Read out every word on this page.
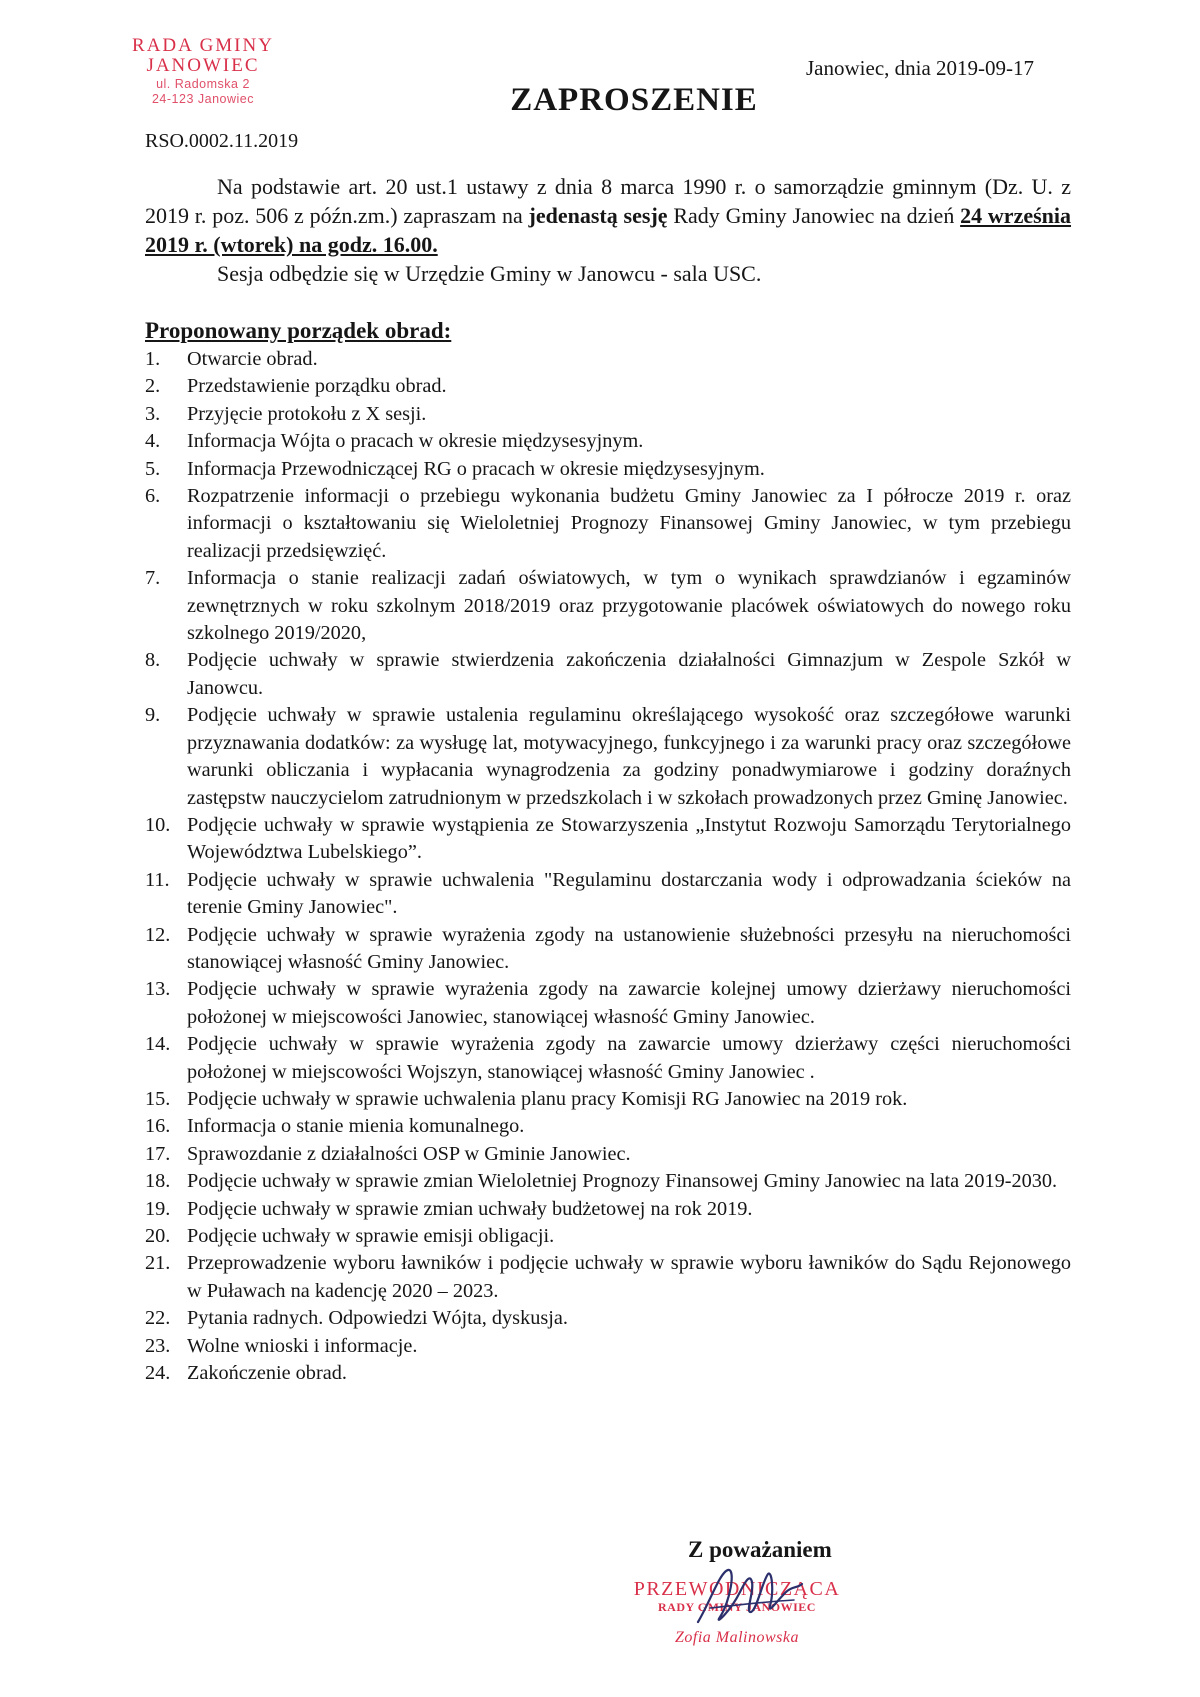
RADA GMINY
JANOWIEC
ul. Radomska 2
24-123 Janowiec
Janowiec, dnia 2019-09-17
ZAPROSZENIE
RSO.0002.11.2019

Na podstawie art. 20 ust.1 ustawy z dnia 8 marca 1990 r. o samorządzie gminnym (Dz. U. z 2019 r. poz. 506 z późn.zm.) zapraszam na jedenastą sesję Rady Gminy Janowiec na dzień 24 września 2019 r. (wtorek) na godz. 16.00.

Sesja odbędzie się w Urzędzie Gminy w Janowcu - sala USC.

Proponowany porządek obrad:
1.	Otwarcie obrad.
2.	Przedstawienie porządku obrad.
3.	Przyjęcie protokołu z X sesji.
4.	Informacja Wójta o pracach w okresie międzysesyjnym.
5.	Informacja Przewodniczącej RG o pracach w okresie międzysesyjnym.
6.	Rozpatrzenie informacji o przebiegu wykonania budżetu Gminy Janowiec za I półrocze 2019 r. oraz informacji o kształtowaniu się Wieloletniej Prognozy Finansowej Gminy Janowiec, w tym przebiegu realizacji przedsięwzięć.
7.	Informacja o stanie realizacji zadań oświatowych, w tym o wynikach sprawdzianów i egzaminów zewnętrznych w roku szkolnym 2018/2019 oraz przygotowanie placówek oświatowych do nowego roku szkolnego 2019/2020,
8.	Podjęcie uchwały w sprawie stwierdzenia zakończenia działalności Gimnazjum w Zespole Szkół w Janowcu.
9.	Podjęcie uchwały w sprawie ustalenia regulaminu określającego wysokość oraz szczegółowe warunki przyznawania dodatków: za wysługę lat, motywacyjnego, funkcyjnego i za warunki pracy oraz szczegółowe warunki obliczania i wypłacania wynagrodzenia za godziny ponadwymiarowe i godziny doraźnych zastępstw nauczycielom zatrudnionym w przedszkolach i w szkołach prowadzonych przez Gminę Janowiec.
10. Podjęcie uchwały w sprawie wystąpienia ze Stowarzyszenia „Instytut Rozwoju Samorządu Terytorialnego Województwa Lubelskiego”.
11. Podjęcie uchwały w sprawie uchwalenia "Regulaminu dostarczania wody i odprowadzania ścieków na terenie Gminy Janowiec".
12. Podjęcie uchwały w sprawie wyrażenia zgody na ustanowienie służebności przesyłu na nieruchomości stanowiącej własność Gminy Janowiec.
13. Podjęcie uchwały w sprawie wyrażenia zgody na zawarcie kolejnej umowy dzierżawy nieruchomości położonej w miejscowości Janowiec, stanowiącej własność Gminy Janowiec.
14. Podjęcie uchwały w sprawie wyrażenia zgody na zawarcie umowy dzierżawy części nieruchomości położonej w miejscowości Wojszyn, stanowiącej własność Gminy Janowiec .
15. Podjęcie uchwały w sprawie uchwalenia planu pracy Komisji RG Janowiec na 2019 rok.
16. Informacja o stanie mienia komunalnego.
17. Sprawozdanie z działalności OSP w Gminie Janowiec.
18. Podjęcie uchwały w sprawie zmian Wieloletniej Prognozy Finansowej Gminy Janowiec na lata 2019-2030.
19. Podjęcie uchwały w sprawie zmian uchwały budżetowej na rok 2019.
20. Podjęcie uchwały w sprawie emisji obligacji.
21. Przeprowadzenie wyboru ławników i podjęcie uchwały w sprawie wyboru ławników do Sądu Rejonowego w Puławach na kadencję 2020 – 2023.
22. Pytania radnych. Odpowiedzi Wójta, dyskusja.
23. Wolne wnioski i informacje.
24. Zakończenie obrad.
Z poważaniem
PRZEWODNICZĄCA
RADY GMINY JANOWIEC
Zofia Malinowska
